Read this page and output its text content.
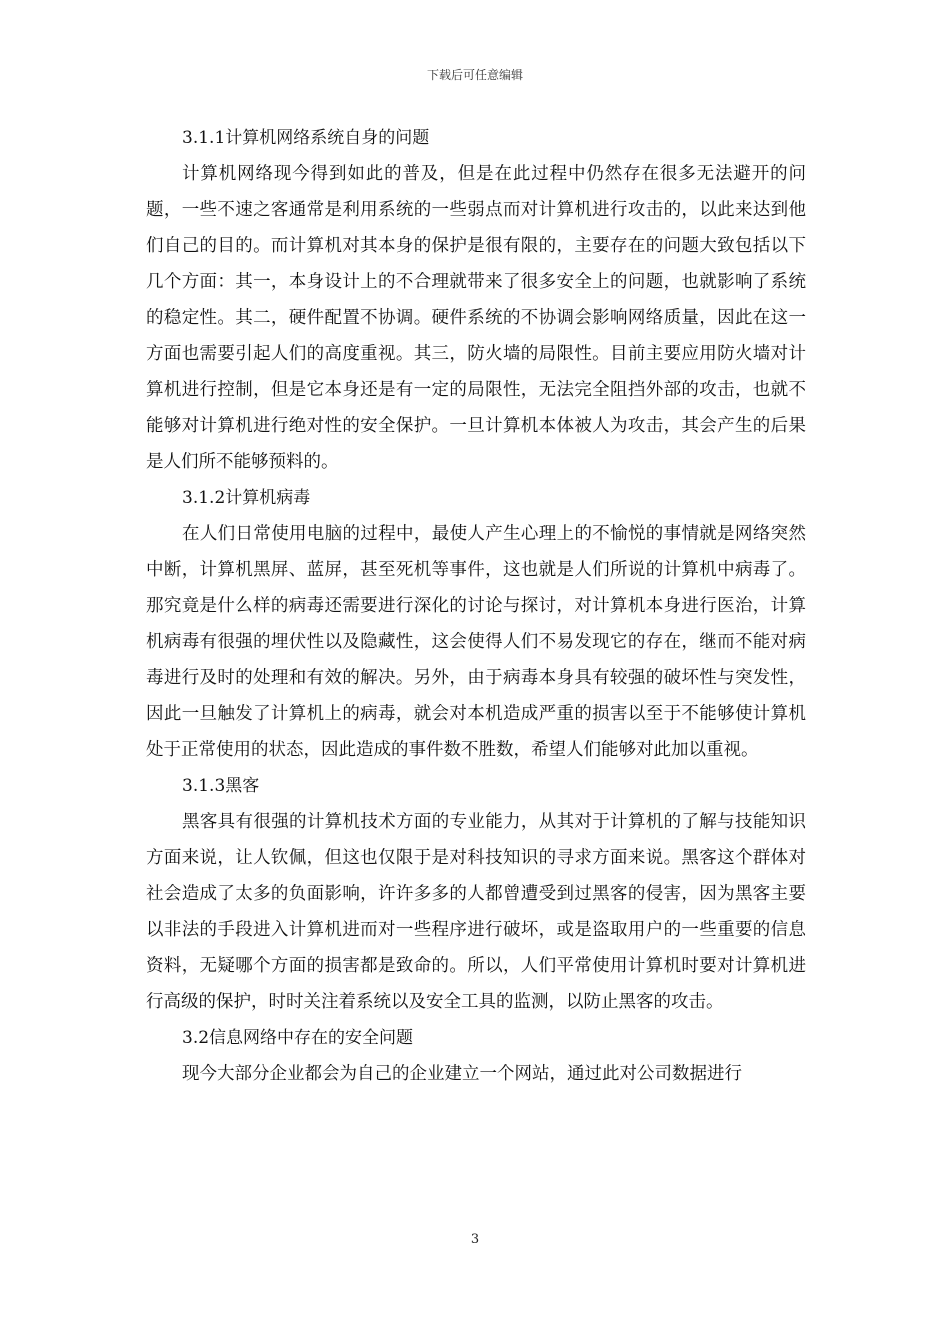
下载后可任意编辑
3.1.1计算机网络系统自身的问题

计算机网络现今得到如此的普及，但是在此过程中仍然存在很多无法避开的问题，一些不速之客通常是利用系统的一些弱点而对计算机进行攻击的，以此来达到他们自己的目的。而计算机对其本身的保护是很有限的，主要存在的问题大致包括以下几个方面：其一，本身设计上的不合理就带来了很多安全上的问题，也就影响了系统的稳定性。其二，硬件配置不协调。硬件系统的不协调会影响网络质量，因此在这一方面也需要引起人们的高度重视。其三，防火墙的局限性。目前主要应用防火墙对计算机进行控制，但是它本身还是有一定的局限性，无法完全阻挡外部的攻击，也就不能够对计算机进行绝对性的安全保护。一旦计算机本体被人为攻击，其会产生的后果是人们所不能够预料的。

3.1.2计算机病毒

在人们日常使用电脑的过程中，最使人产生心理上的不愉悦的事情就是网络突然中断，计算机黑屏、蓝屏，甚至死机等事件，这也就是人们所说的计算机中病毒了。那究竟是什么样的病毒还需要进行深化的讨论与探讨，对计算机本身进行医治，计算机病毒有很强的埋伏性以及隐藏性，这会使得人们不易发现它的存在，继而不能对病毒进行及时的处理和有效的解决。另外，由于病毒本身具有较强的破坏性与突发性，因此一旦触发了计算机上的病毒，就会对本机造成严重的损害以至于不能够使计算机处于正常使用的状态，因此造成的事件数不胜数，希望人们能够对此加以重视。

3.1.3黑客

黑客具有很强的计算机技术方面的专业能力，从其对于计算机的了解与技能知识方面来说，让人钦佩，但这也仅限于是对科技知识的寻求方面来说。黑客这个群体对社会造成了太多的负面影响，许许多多的人都曾遭受到过黑客的侵害，因为黑客主要以非法的手段进入计算机进而对一些程序进行破坏，或是盗取用户的一些重要的信息资料，无疑哪个方面的损害都是致命的。所以，人们平常使用计算机时要对计算机进行高级的保护，时时关注着系统以及安全工具的监测，以防止黑客的攻击。

3.2信息网络中存在的安全问题

现今大部分企业都会为自己的企业建立一个网站，通过此对公司数据进行

3
